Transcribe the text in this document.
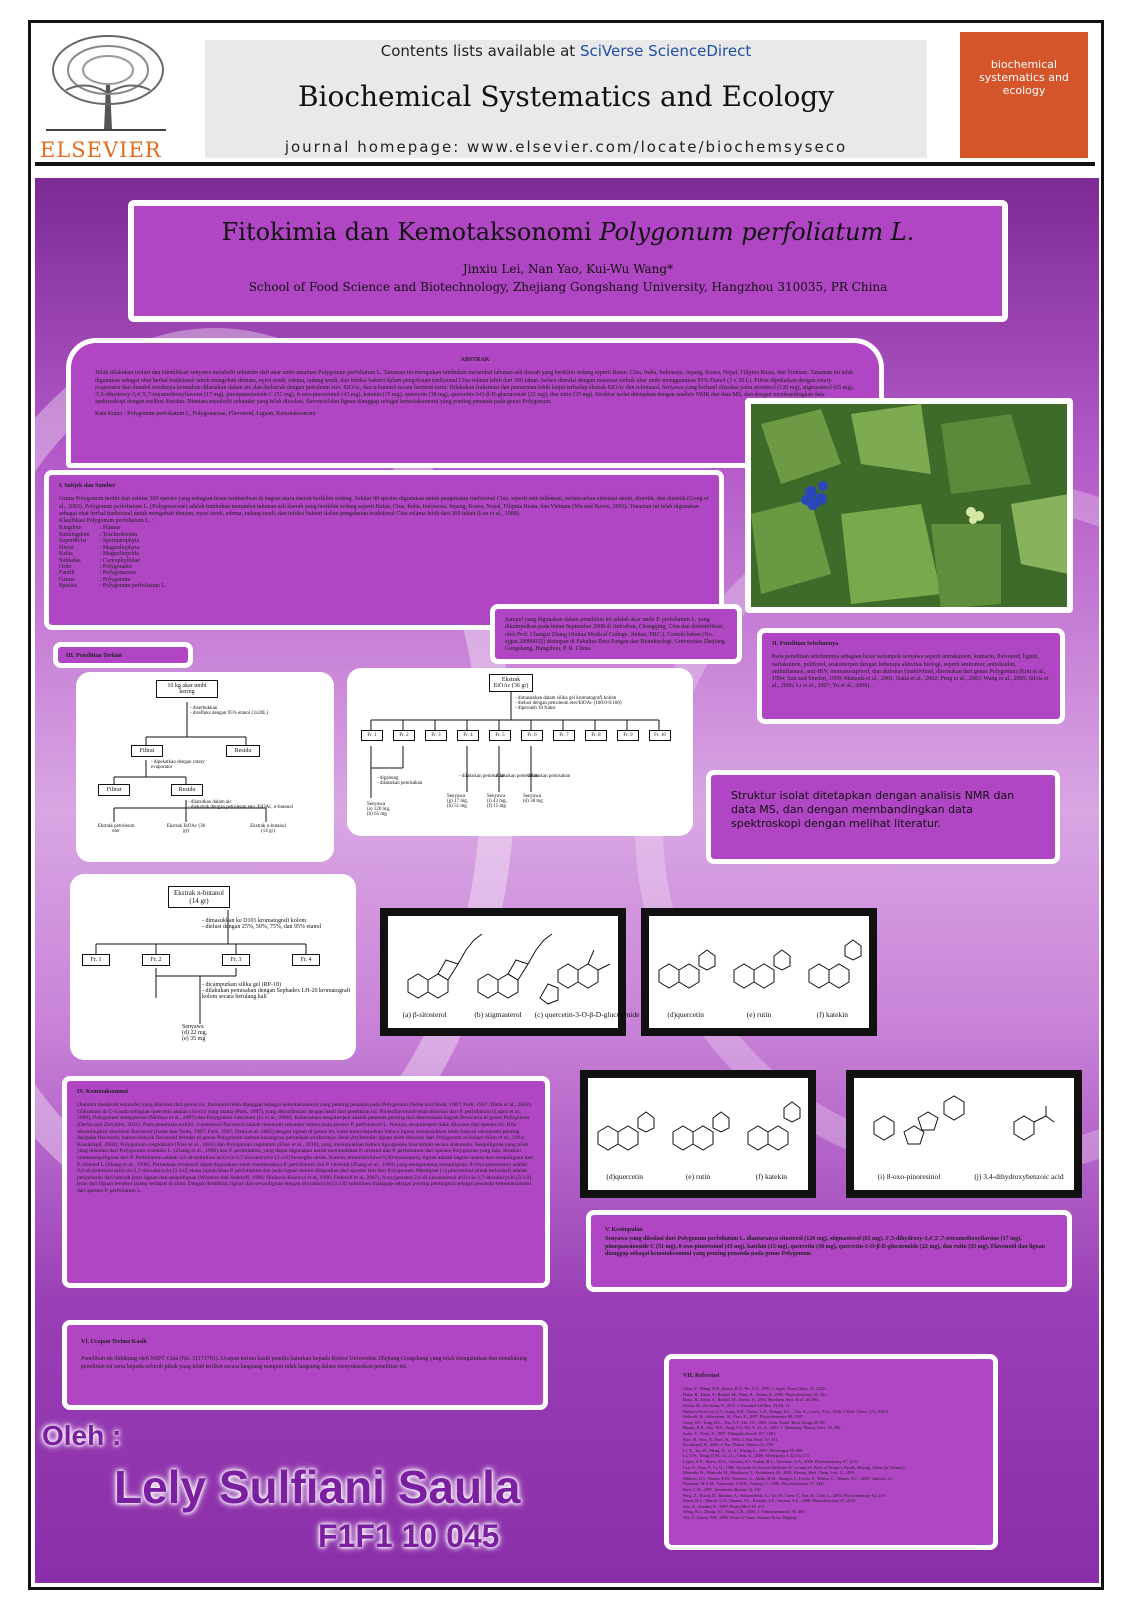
ELSEVIER
Contents lists available at SciVerse ScienceDirect
Biochemical Systematics and Ecology
journal homepage: www.elsevier.com/locate/biochemsyseco
biochemical systematics and ecology
Fitokimia dan Kemotaksonomi Polygonum perfoliatum L.
Jinxiu Lei, Nan Yao, Kui-Wu Wang*
School of Food Science and Biotechnology, Zhejiang Gongshang University, Hangzhou 310035, PR China
ABSTRAK

Telah dilakukan isolasi dan identifikasi senyawa metabolit sekunder dari akar umbi tanaman Polygonum perfoliatum L. Tanaman ini merupakan tumbuhan merambat tahunan asli daerah yang beriklim sedang seperti Butan, Cina, India, Indonesia, Jepang, Korea, Nepal, Filipina Rusia, dan Vietnam. Tanaman ini telah digunakan sebagai obat herbal tradisional untuk mengobati demam, nyeri sendi, edema, radang sendi, dan infeksi bakteri dalam pengobatan tradisional Cina selama lebih dari 300 tahun. Isolasi dimulai dengan maserasi serbuk akar umbi menggunakan 95% Etanol (3 x 20 L). Filtrat dipekatkan dengan rotary evaporator dan diambil residunya kemudian dilarutkan dalam air, dan diekstrak dengan petroleum eter, EtOAc, dan n-butanol secara berturut-turut. Dilakukan fraksinasi dan pemurnian lebih lanjut terhadap ekstrak EtOAc dan n-butanol. Senyawa yang berhasil diisolasi yaitu sitosterol (120 mg), stigmasterol (65 mg), 3',5-dihydroxy-3,4',5',7-tetramethoxyflavone (17 mg), pinoquassinoside C (51 mg), 8-oxo-pinoresinol (43 mg), katekin (15 mg), quercetin (38 mg), quercetin-3-O-β-D-glucuronide (22 mg), dan rutin (35 mg). Struktur isolat ditetapkan dengan analisis NMR dan data MS, dan dengan membandingkan data spektroskopi dengan melihat literatur. Diantara metabolit sekunder yang telah diisolasi, flavonoid dan lignan dianggap sebagai kemotaksonomi yang penting penanda pada genus Polygonum.

Kata Kunci : Polygonum perfoliatum L, Polygonaceae, Flavonoid, Lignan, Kemotaksonomi

I. Subjek dan Sumber

Genus Polygonum terdiri dari sekitar 300 spesies yang sebagian besar terdistribusi di bagian utara daerah beriklim sedang. Sekitar 80 spesies digunakan untuk pengobatan tradisional Cina, seperti anti-inflamasi, melancarkan sirkulasi darah, diuretik, dan diuretik (Gong et al., 2003). Polygonum perfoliatum L. (Polygonaceae) adalah tumbuhan merambat tahunan asli daerah yang beriklim sedang seperti Butan, Cina, India, Indonesia, Jepang, Korea, Nepal, Filipina Rusia, dan Vietnam (Wu and Raven, 2003). Tanaman ini telah digunakan sebagai obat herbal tradisional untuk mengobati demam, nyeri sendi, edema, radang sendi, dan infeksi bakteri dalam pengobatan tradisional Cina selama lebih dari 300 tahun (Lou et al., 1988).

Klasifikasi Polygonum perfoliatum L. :

Kingdom	: Plantae
Subkingdom	: Tracheobionta
Superdivisi	: Spermatophyta
Divisi	: Magnoliophyta
Kelas	: Magnoliopsida
Subkelas	: Caryophyllidae
Ordo	: Polygonales
Famili	: Polygonaceae
Genus	: Polygonum
Spesies	: Polygonum perfoliatum L.

Sampel yang digunakan dalam penelitian ini adalah akar umbi P. perfoliatum L. yang dikumpulkan pada bulan September 2008 di Jinfoshan, Chongqing, Cina dan diidentifikasi oleh Prof. Changzi Zhang (Jinhua Medical College, Jinhua, ERC.). Contoh bahan (No. zjgsu 20080032) disimpan di Fakultas Ilmu Pangan dan Bioteknologi, Universitas Zhejiang Gongshang, Hangzhou, P. R. China.

II. Penelitian Sebelumnya

Pada penelitian sebelumnya sebagian besar kelompok senyawa seperti antrakuinon, kumarin, flavonoid, lignin, naftakuinon, polifenol, seskuiterpen dengan beberapa aktivitas biologi, seperti antitumor, antioksidan, antiinflamasi, anti-HIV, immunosupresif, dan aktivitas (inaktivitas), ditemukan dari genus Polygonum (Kim et al., 1994; Sun and Sneden, 1999; Matsuda et al., 2001; Datta et al., 2002; Peng et al., 2003; Wang et al., 2005; Silvia et al., 2006; Li et al., 2007; Yu et al., 2008).

III. Penelitian Terkini
10 kg akar umbi kering
- diserbukkan
- direfluks dengan 95% etanol (3x20L)
Filtrat	Residu
- dipekatkan dengan rotary evaporator
Filtrat	Residu
- dilarutkan dalam air
- diekstrak dengan petroleum eter, EtOAc, n-butanol
Ekstrak petroleum eter
Ekstrak EtOAc (36 gr)
Ekstrak n-butanol (14 gr)
Ekstrak EtOAc (36 gr)
- dimasukkan dalam silika gel kromatografi kolom
- dielusi dengan petroleum eter/EtOAc (100:0-0:100)
- diperoleh 10 fraksi
Fr. 1	Fr. 2	Fr. 3	Fr. 4	Fr. 5	Fr. 6	Fr. 7	Fr. 8	Fr. 9	Fr. 10
- digabung
- dilakukan pemisahan
- dilakukan pemisahan
- dilakukan pemisahan
- dilakukan pemisahan
Senyawa
(a) 120 mg,
(b) 65 mg
Senyawa
(g) 17 mg,
(h) 51 mg
Senyawa
(i) 43 mg,
(f) 15 mg
Senyawa
(d) 38 mg	Struktur isolat ditetapkan dengan analisis NMR dan data MS, dan dengan membandingkan data spektroskopi dengan melihat literatur.

Ekstrak n-butanol (14 gr)
- dimasukkan ke D101 kromatografi kolom
- dielusi dengan 25%, 50%, 75%, dan 95% etanol
Fr. 1	Fr. 2	Fr. 3	Fr. 4
- dicampurkan silika gel (RP-18)
- dilakukan pemisahan dengan Sephadex LH-20 kromatografi kolom secara berulang kali
Senyawa
(d) 22 mg,
(e) 35 mg
(a) β-sitosterol	(b) stigmasterol	(c) quercetin-3-O-β-D-glucuronide	(d)quercetin	(e) rutin	(f) katekin
(d)quercetin	(e) rutin	(f) katekin	(i) 8-oxo-pinoresinol	(j) 3,4-dihydroxybenzoic acid
IV. Kemotaksonomi

Diantara metabolit sekunder yang diisolasi dari genus ini, flavonoid telah dianggap sebagai kemotaksonomi yang penting penanda pada Polygonum (Isobe and Noda, 1987; Park, 1987; Datta et al., 2002). Glikosilasi di C-3 pada sebagian quercetin adalah ciri-ciri yang utama (Park, 1987), yang dikonfirmasi dengan hasil dari penelitian ini. Bioisoflavonoid telah diisolasi dari P. perfoliatum (Lopez et al., 2006), Polygonum senegalense (Midiwo et al., 2007) dan Polygonum odoratum (Li et al., 2008). Keberadaan sesquiterpen adalah penanda penting dari determinasi bagian Persicaria di genus Polygonum (Derita and Zacchino, 2011). Pada penelitian terkini, 3-substitusi flavonoid adalah metabolit sekunder utama pada spesies P. perfoliatum L. Namun, sesquiterpen tidak diisolasi dari spesies ini. Bila dibandingkan distribusi flavonoid (Isobe dan Noda, 1987; Park, 1987; Datta et al. 2002) dengan lignan di genus ini, kami menyimpulkan bahwa lignan menunjukkan lebih banyak taksonomi penting daripada flavonoid, karena banyak flavonoid beredar di genus Polygonum namun kurangnya perbedaan strukturnya. Jenis Aryltetralin lignan telah diisolasi dari Polygonum aviculare (Kim et al., 1994; Kosuklagil, 2002), Polygonum cuspidatum (Xiao et al., 2002) dan Polygonum capitatum (Zhao et al., 2010), yang menunjukkan bahwa tiga spesies bisa terkait secara sistematis. Sesquilignan yang telah yang diisolasi dari Polygonum orientale L. (Zhang et al., 1998) dan P. perfoliatum, yang dapat digunakan untuk membedakan P. oriental dan P. perfoliatum dari spesies Polygonum yang lain. Struktur utamasesquilignan dari P. Perfoliatum adalah 3,6-di-(subtitusi aril)-cis-3,7-dioxabicyclo [3.3.0] kerangka oktan. Namun, tetrahidrofuran-9,90-monoepoxy lignan adalah bagian utama dari sesquilignan dari P. oriental L (Zhang et al., 1998). Perbedaan struktural dapat digunakan untuk membedakan P. perfoliatum dan P. Oriental (Zhang et al., 1998) yang mengandung sesquilignan. 8-Oxo-pinoresinol adalah 2,6-di-(subtitusi aril)-cis-3,7-dioxabicyclo [3.3.0] oktan lignan khas P. perfoliatum dan jenis lignan belum dilaporkan dari spesies lain dari Polygonum. Meskipun (+) pinoresinol (tidak terisolasi) adalah penyebaran dari banyak jenis lignan dan sesquilignan (Whatton dan Sederoff, 1996; Dinkova-Kostova et al, 1996; Federolf et al, 2007), 8-oxygenated 2,6-di-(arsubstitusi aril)-cis-3,7-dioxabicyclo [3.3.0] jenis dari lignan tersebut jarang terdapat di alam. Dengan demikian, lignan dan sesquilignan dengan dioxabicyclo [3.3.0] substituen dianggap sebagai penting pentingnya sebagai penanda kemotaksonomi dari spesies P. perfoliatum L.

V. Kesimpulan

Senyawa yang diisolasi dari Polygonum perfoliatum L. diantaranya sitosterol (120 mg), stigmasterol (65 mg), 3',5-dihydroxy-3,4',5',7-tetramethoxyflavone (17 mg), pinoquassinoside C (51 mg), 8-oxo-pinoresinol (43 mg), katekin (15 mg), quercetin (38 mg), quercetin-3-O-β-D-glucuronide (22 mg), dan rutin (35 mg). Flavonoid dan lignan dianggap sebagai kemotaksonomi yang penting penanda pada genus Polygonum.

VI. Ucapan Terima Kasih

Penelitian ini didukung oleh NSFC Cina (No. 31171701). Ucapan terima kasih penulis haturkan kepada Rektor Universitas Zhejiang Gongshang yang telah mengizinkan dan mendukung penelitian ini serta kepada seluruh pihak yang telah terlibat secara langsung maupun tidak langsung dalam menyukseskan penelitian ini.

VII. Referensi
Chen, Y., Wang, M.F., Rosen, R.T., Ho, C.T., 1999. J. Agric. Food Chem. 47, 2226.
Datta, B., Datta, S., Rashid, M., Nash, R., Sarker, S., 2000. Phytochemistry 54, 201.
Datta, B., Datta, S., Rashid, M., Sarker, S., 2002. Biochem. Syst. Ecol. 30, 693.
Derita, M., Zacchino, S., 2011. J. Essential Oil Res. 23 (6), 11.
Dinkova-Kostova, A.T., Gang, D.R., Davin, L.B., Bedgar, D.L., Chu, A., Lewis, N.G., 1996. J. Biol. Chem. 271, 29473.
Federolf, K., Alfermann, W., Fuss, E., 2007. Phytochemistry 68, 1397.
Gong, S.F., Tang, H.L., Yan, S.Y., Hu, J.S., 2003. Chin. Tradit. Herb. Drugs 35, 80.
Huang, R.B., Sun, W.F., Yang, F.F., Du, Y., Li, X., 2001. J. Shenyang. Pharm. Univ. 18, 286.
Isobe, T., Noda, Y., 1987. Yakugaku Zasshi 107, 1001.
Kim, H., Woo, E., Park, H., 1994. J. Nat. Prod. 57, 581.
Kosuklagil, R., 2002. J. Fac. Pharm. Ankara 31, 109.
Li, X., Yu, M., Meng, D., Li, X., Zhang, L., 2007. Fitoterapia 78, 606.
Li, T.W., Wang, D.M., Li, J.L., Chen, G., 2008. Allelopathy J. 22 (1), 175.
López, S.N., Sierra, M.G., Gattuso, S.J., Furlán, R.L., Zacchino, S.A., 2006. Phytochemistry 67, 2152.
Lou, S., Xiao, P., Li, G., 1988. Records of Chinese Medicine IV, second ed. Press of People's Health, Beijing, China (in Chinese).
Matsuda, H., Shimoda, H., Morikawa, T., Yoshikawa, M., 2001. Bioorg. Med. Chem. Lett. 11, 1839.
Midiwo, J.O., Omoto, F.M., Yenesew, A., Akala, H.M., Wangui, J., Liyala, P., Waters, C., Waters, N.C., 2007. Arkivoc, 21.
Newman, M.A.M., Saraswati, S.M.K., Sudrajo, J., 1988. Phytochemistry 27, 2447.
Park, C.W., 1987. Systematic Botany 12, 167.
Peng, Z., Ruodi, D., Baomei, A., Schoenefeldt, S., Gai, H., Chen, T., Yan, K., Chin, L., 2003. Phytochemistry 62, 219.
Silvia, N.L., Marcal, G.S., Susana, J.G., Ricardo, L.F., Susana, A.Z., 2006. Phytochemistry 67, 2152.
Sun, X., Sneden, A., 1999. Planta Med. 65, 671.
Wang, K.J., Zhang, Y.J., Yang, C.R., 2005. J. Ethnopharmacol. 96, 483.
Wu, Z., Raven, P.H., 2003. Flora of China. Science Press, Beijing.
Oleh :
Lely Sulfiani Saula
F1F1 10 045
